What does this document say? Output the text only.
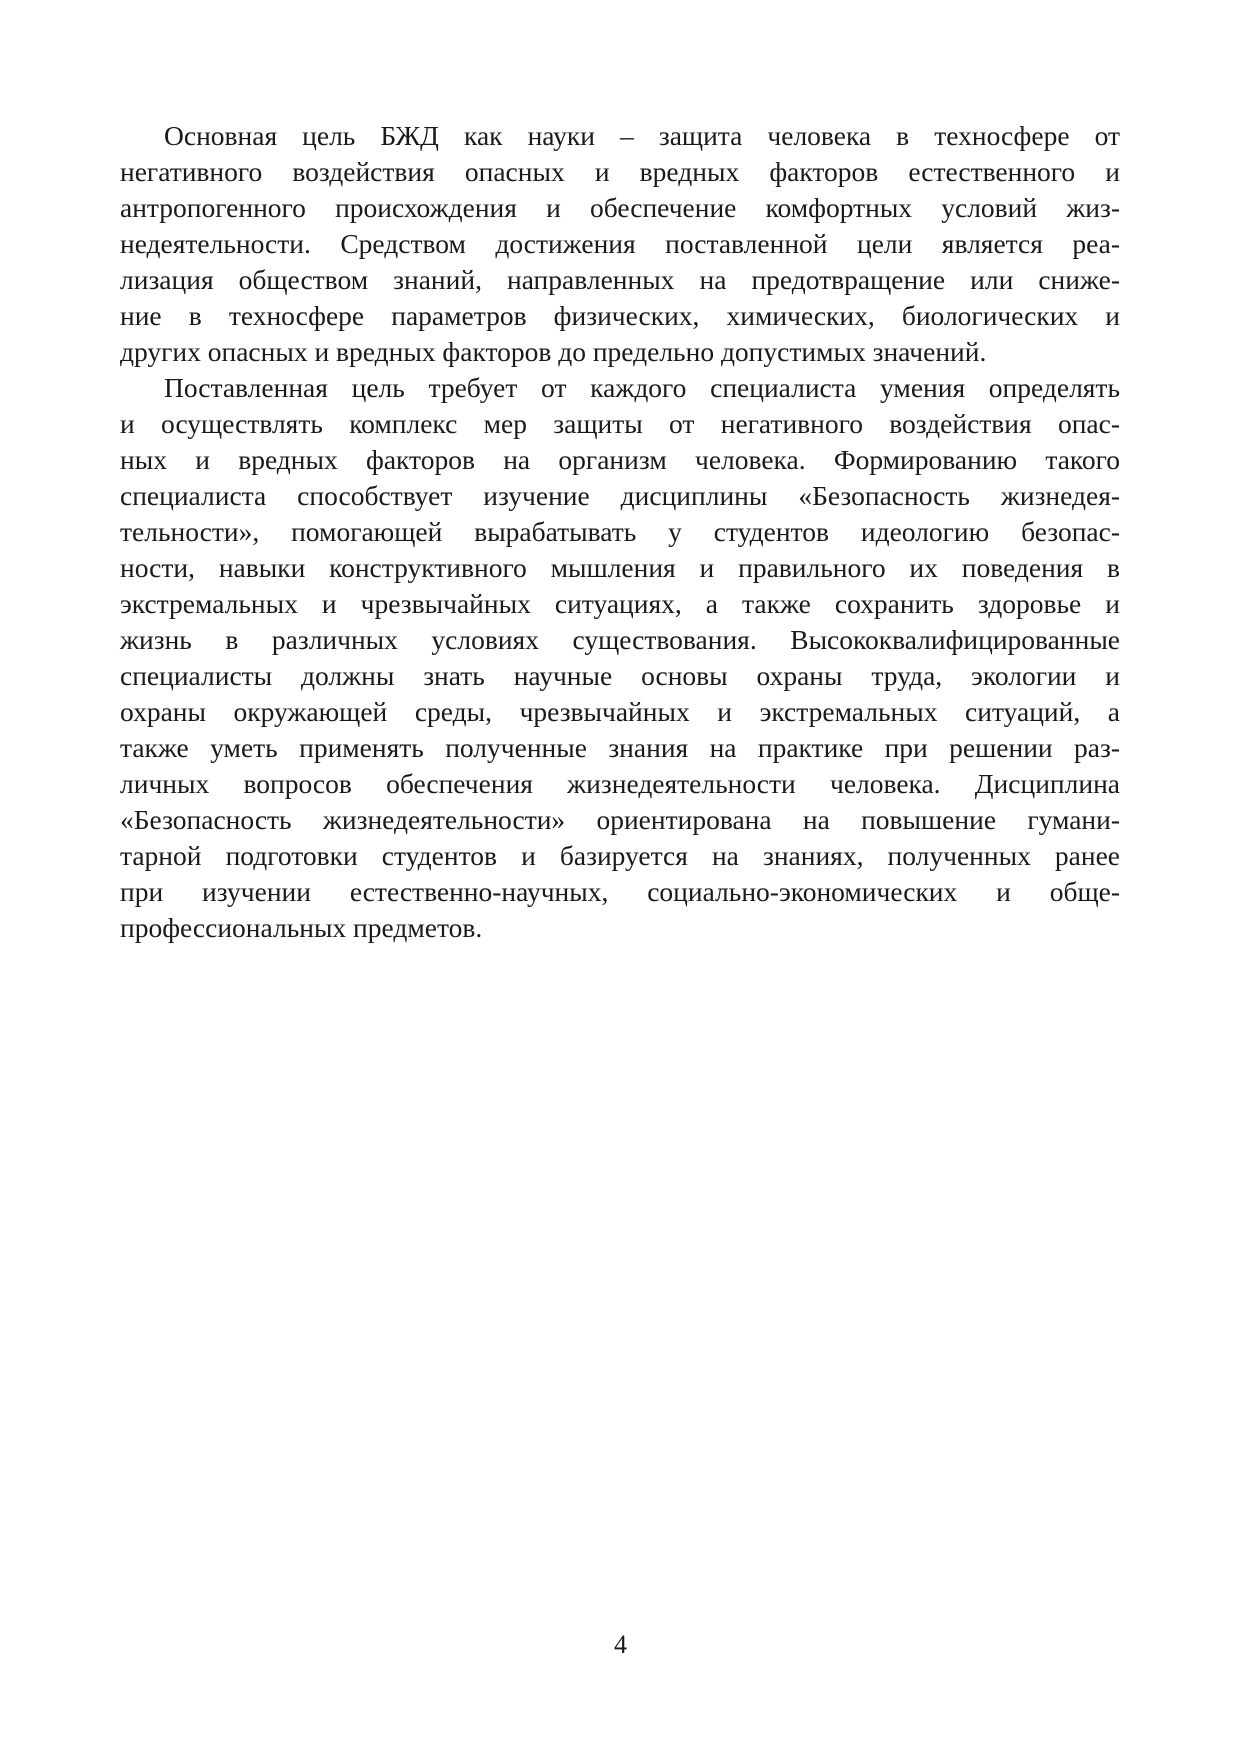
Основная цель БЖД как науки – защита человека в техносфере от
негативного воздействия опасных и вредных факторов естественного и
антропогенного происхождения и обеспечение комфортных условий жиз-
недеятельности. Средством достижения поставленной цели является реа-
лизация обществом знаний, направленных на предотвращение или сниже-
ние в техносфере параметров физических, химических, биологических и
других опасных и вредных факторов до предельно допустимых значений.
Поставленная цель требует от каждого специалиста умения определять
и осуществлять комплекс мер защиты от негативного воздействия опас-
ных и вредных факторов на организм человека. Формированию такого
специалиста способствует изучение дисциплины «Безопасность жизнедея-
тельности», помогающей вырабатывать у студентов идеологию безопас-
ности, навыки конструктивного мышления и правильного их поведения в
экстремальных и чрезвычайных ситуациях, а также сохранить здоровье и
жизнь в различных условиях существования. Высококвалифицированные
специалисты должны знать научные основы охраны труда, экологии и
охраны окружающей среды, чрезвычайных и экстремальных ситуаций, а
также уметь применять полученные знания на практике при решении раз-
личных вопросов обеспечения жизнедеятельности человека. Дисциплина
«Безопасность жизнедеятельности» ориентирована на повышение гумани-
тарной подготовки студентов и базируется на знаниях, полученных ранее
при изучении естественно-научных, социально-экономических и обще-
профессиональных предметов.
4
